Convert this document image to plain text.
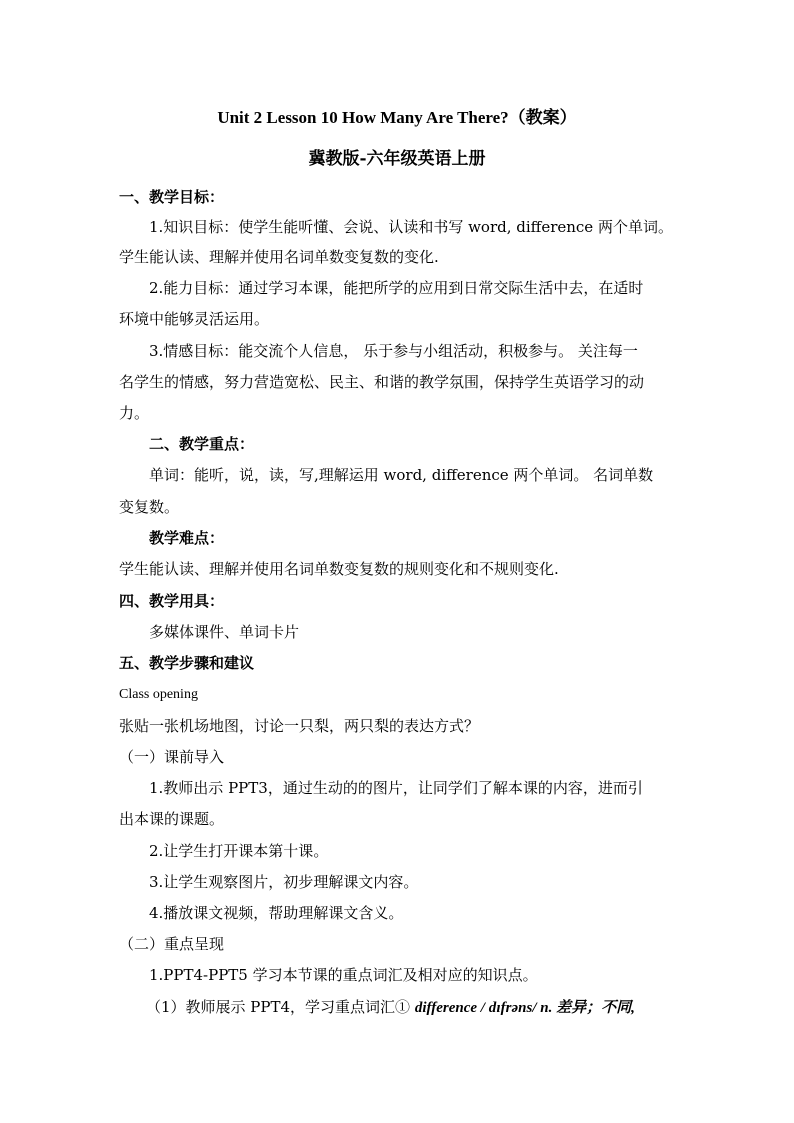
Unit 2 Lesson 10 How Many Are There?（教案）
冀教版-六年级英语上册
一、教学目标：
1.知识目标：使学生能听懂、会说、认读和书写 word, difference 两个单词。
学生能认读、理解并使用名词单数变复数的变化.
2.能力目标：通过学习本课，能把所学的应用到日常交际生活中去，在适时
环境中能够灵活运用。
3.情感目标：能交流个人信息， 乐于参与小组活动，积极参与。 关注每一
名学生的情感，努力营造宽松、民主、和谐的教学氛围，保持学生英语学习的动
力。
二、教学重点：
单词：能听，说，读，写,理解运用 word, difference 两个单词。 名词单数
变复数。
教学难点：
学生能认读、理解并使用名词单数变复数的规则变化和不规则变化.
四、教学用具：
多媒体课件、单词卡片
五、教学步骤和建议
Class opening
张贴一张机场地图，讨论一只梨，两只梨的表达方式？
（一）课前导入
1.教师出示 PPT3，通过生动的的图片，让同学们了解本课的内容，进而引
出本课的课题。
2.让学生打开课本第十课。
3.让学生观察图片，初步理解课文内容。
4.播放课文视频，帮助理解课文含义。
（二）重点呈现
1.PPT4-PPT5 学习本节课的重点词汇及相对应的知识点。
（1）教师展示 PPT4，学习重点词汇① difference / dɪfrəns/ n. 差异；不同,
